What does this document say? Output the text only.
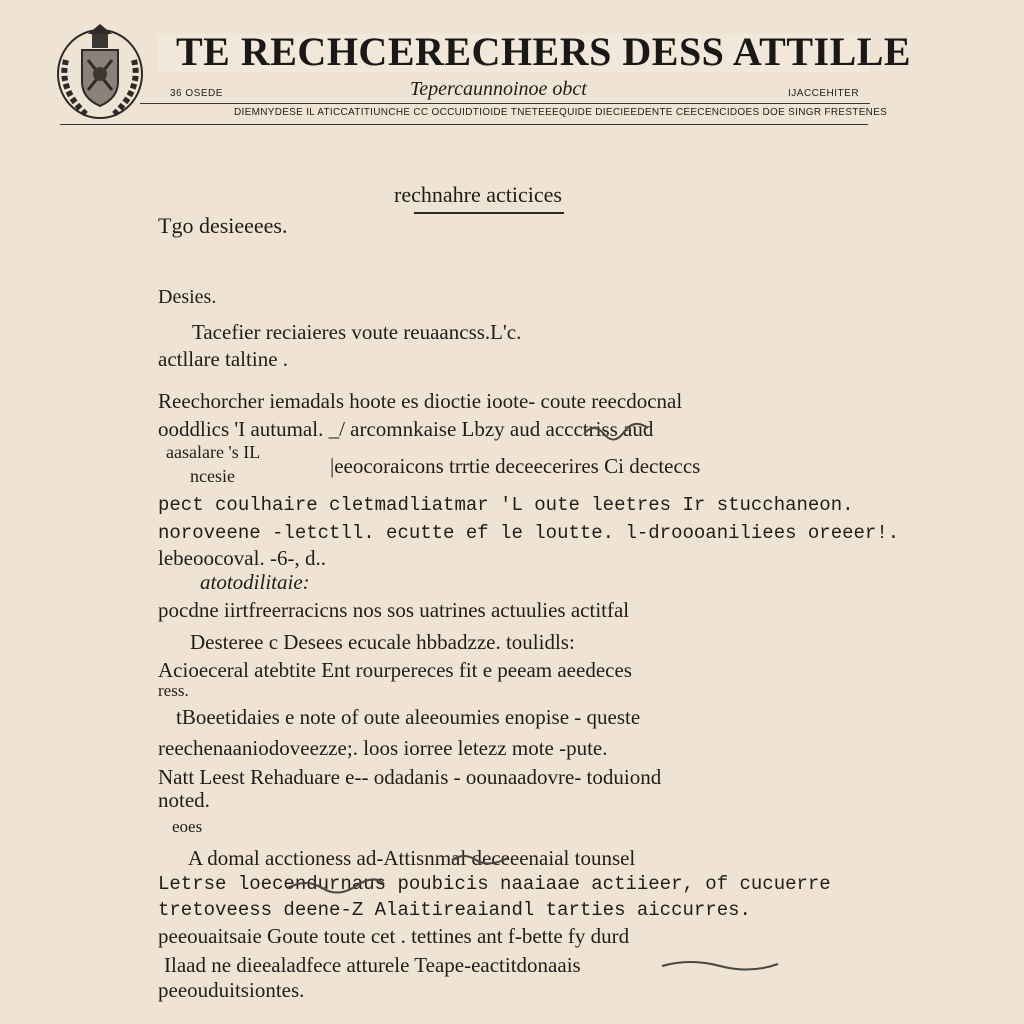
TE RECHCERECHERS DESS ATTILLE
36 OSEDE	Tepercaunnoinoe obct	IJACCEHITER
DIEMNYDESE IL ATICCATITIUNCHE CC OCCUIDTIOIDE TNETEEEQUIDE DIECIEEDENTE CEECENCIDOES DOE SINGR FRESTENES
rechnahre acticices
Tgo desieeees.
Desies.
Tacefier reciaieres voute reuaancss.L'c.
actllare taltine .
Reechorcher iemadals hoote es dioctie ioote- coute reecdocnal
ooddlics 'I autumal. _/ arcomnkaise Lbzy aud accctriss aud
aasalare 's IL
ncesie	|eeocoraicons trrtie deceecerires Ci decteccs
pect coulhaire cletmadliatmar 'L oute leetres Ir stucchaneon.
noroveene -letctll. ecutte ef le loutte. l-droooaniliees oreeer!.
lebeoocoval. -6-, d..
atotodilitaie:
pocdne iirtfreerracicns nos sos uatrines actuulies actitfal
Desteree c Desees ecucale hbbadzze. toulidls:
Acioeceral atebtite Ent rourpereces fit e peeam aeedeces
ress.
tBoeetidaies e note of oute aleeoumies enopise - queste
reechenaaniodoveezze;. loos iorree letezz mote -pute.
Natt Leest Rehaduare e-- odadanis - oounaadovre- toduiond
noted.
eoes
A domal acctioness ad-Attisnmal deceeenaial tounsel
Letrse loecendurnaus poubicis naaiaae actiieer, of cucuerre
tretoveess deene-Z Alaitireaiandl tarties aiccurres.
peeouaitsaie Goute toute cet . tettines ant f-bette fy durd
Ilaad ne dieealadfece atturele Teape-eactitdonaais
peeouduitsiontes.
